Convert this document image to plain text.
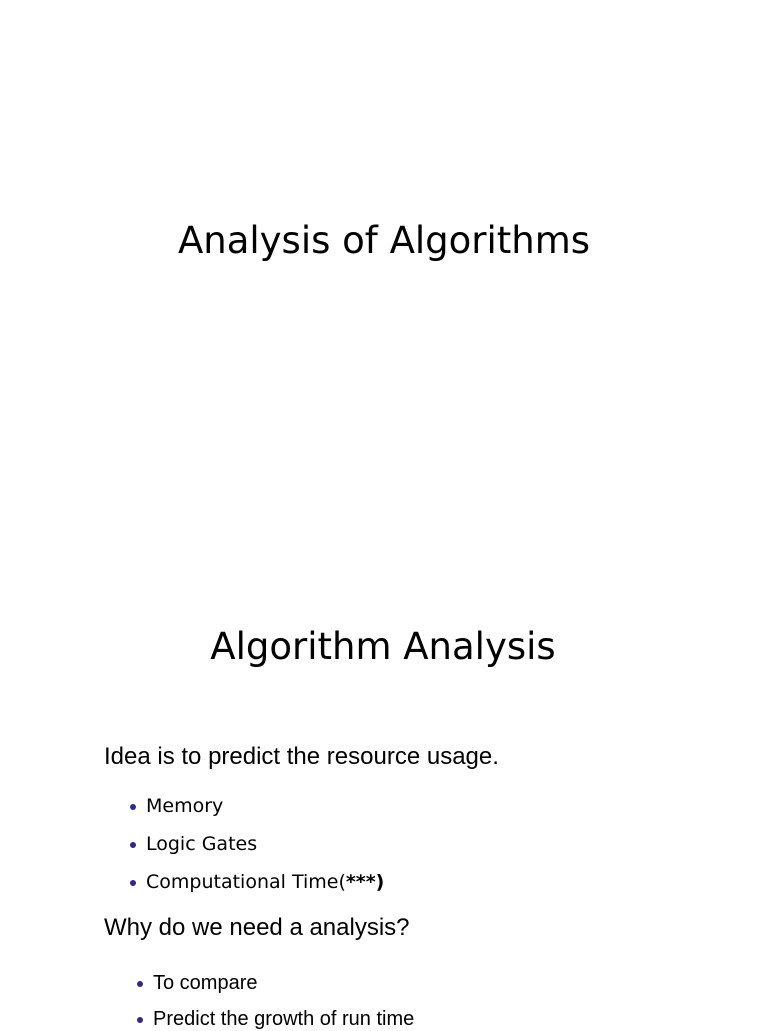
Analysis of Algorithms
Algorithm Analysis

Idea is to predict the resource usage.

Memory
Logic Gates
Computational Time(***)

Why do we need a analysis?

To compare
Predict the growth of run time
